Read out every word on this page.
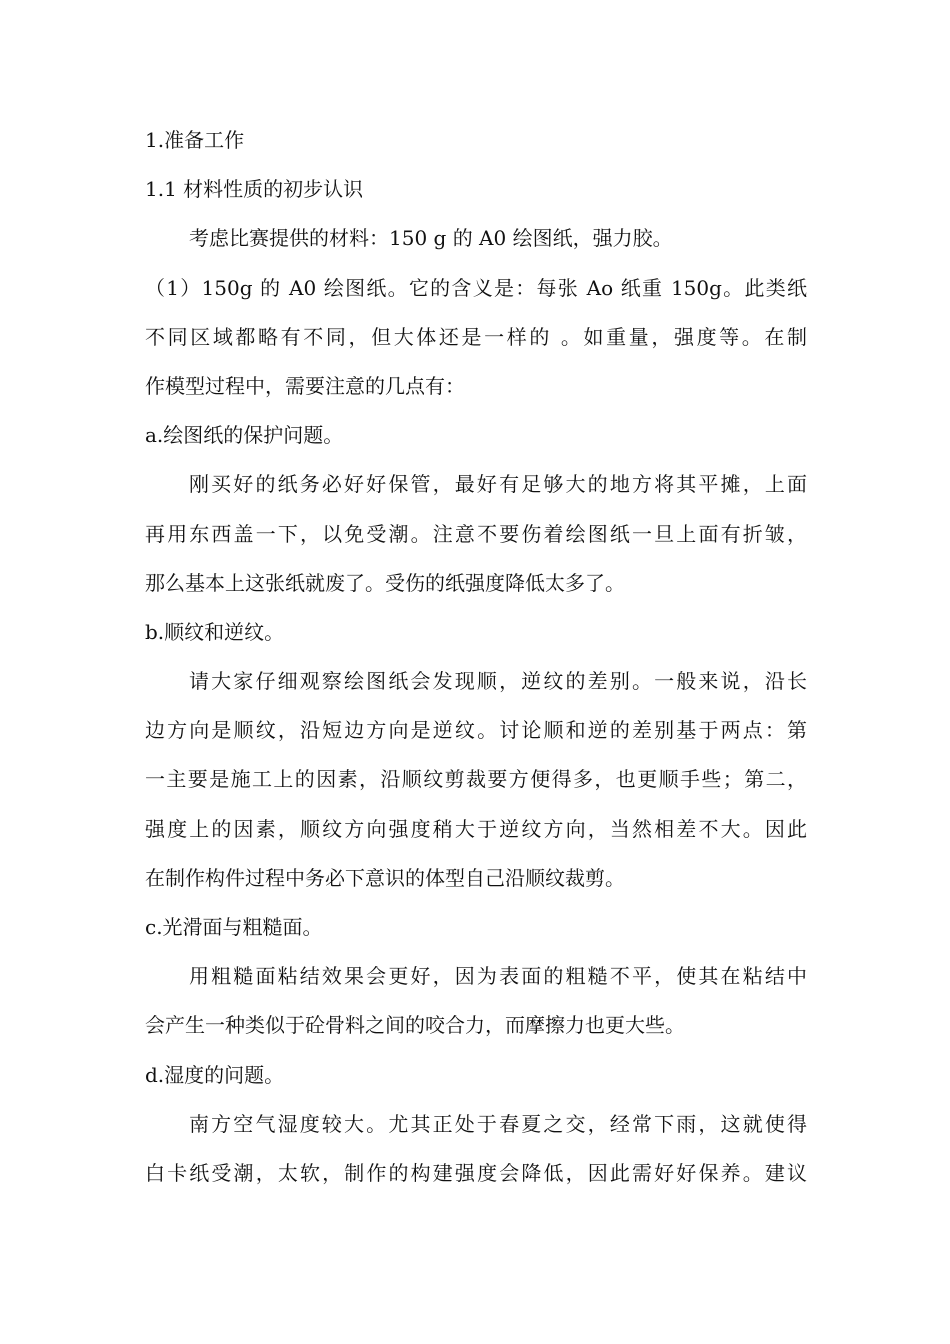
1.准备工作
1.1 材料性质的初步认识
考虑比赛提供的材料：150 g 的 A0 绘图纸，强力胶。
（1）150g 的 A0 绘图纸。它的含义是：每张 Ao 纸重 150g。此类纸
不同区域都略有不同，但大体还是一样的 。如重量，强度等。在制
作模型过程中，需要注意的几点有：
a.绘图纸的保护问题。
刚买好的纸务必好好保管，最好有足够大的地方将其平摊，上面
再用东西盖一下，以免受潮。注意不要伤着绘图纸一旦上面有折皱，
那么基本上这张纸就废了。受伤的纸强度降低太多了。
b.顺纹和逆纹。
请大家仔细观察绘图纸会发现顺，逆纹的差别。一般来说，沿长
边方向是顺纹，沿短边方向是逆纹。讨论顺和逆的差别基于两点：第
一主要是施工上的因素，沿顺纹剪裁要方便得多，也更顺手些；第二，
强度上的因素，顺纹方向强度稍大于逆纹方向，当然相差不大。因此
在制作构件过程中务必下意识的体型自己沿顺纹裁剪。
c.光滑面与粗糙面。
用粗糙面粘结效果会更好，因为表面的粗糙不平，使其在粘结中
会产生一种类似于砼骨料之间的咬合力，而摩擦力也更大些。
d.湿度的问题。
南方空气湿度较大。尤其正处于春夏之交，经常下雨，这就使得
白卡纸受潮，太软，制作的构建强度会降低，因此需好好保养。建议
